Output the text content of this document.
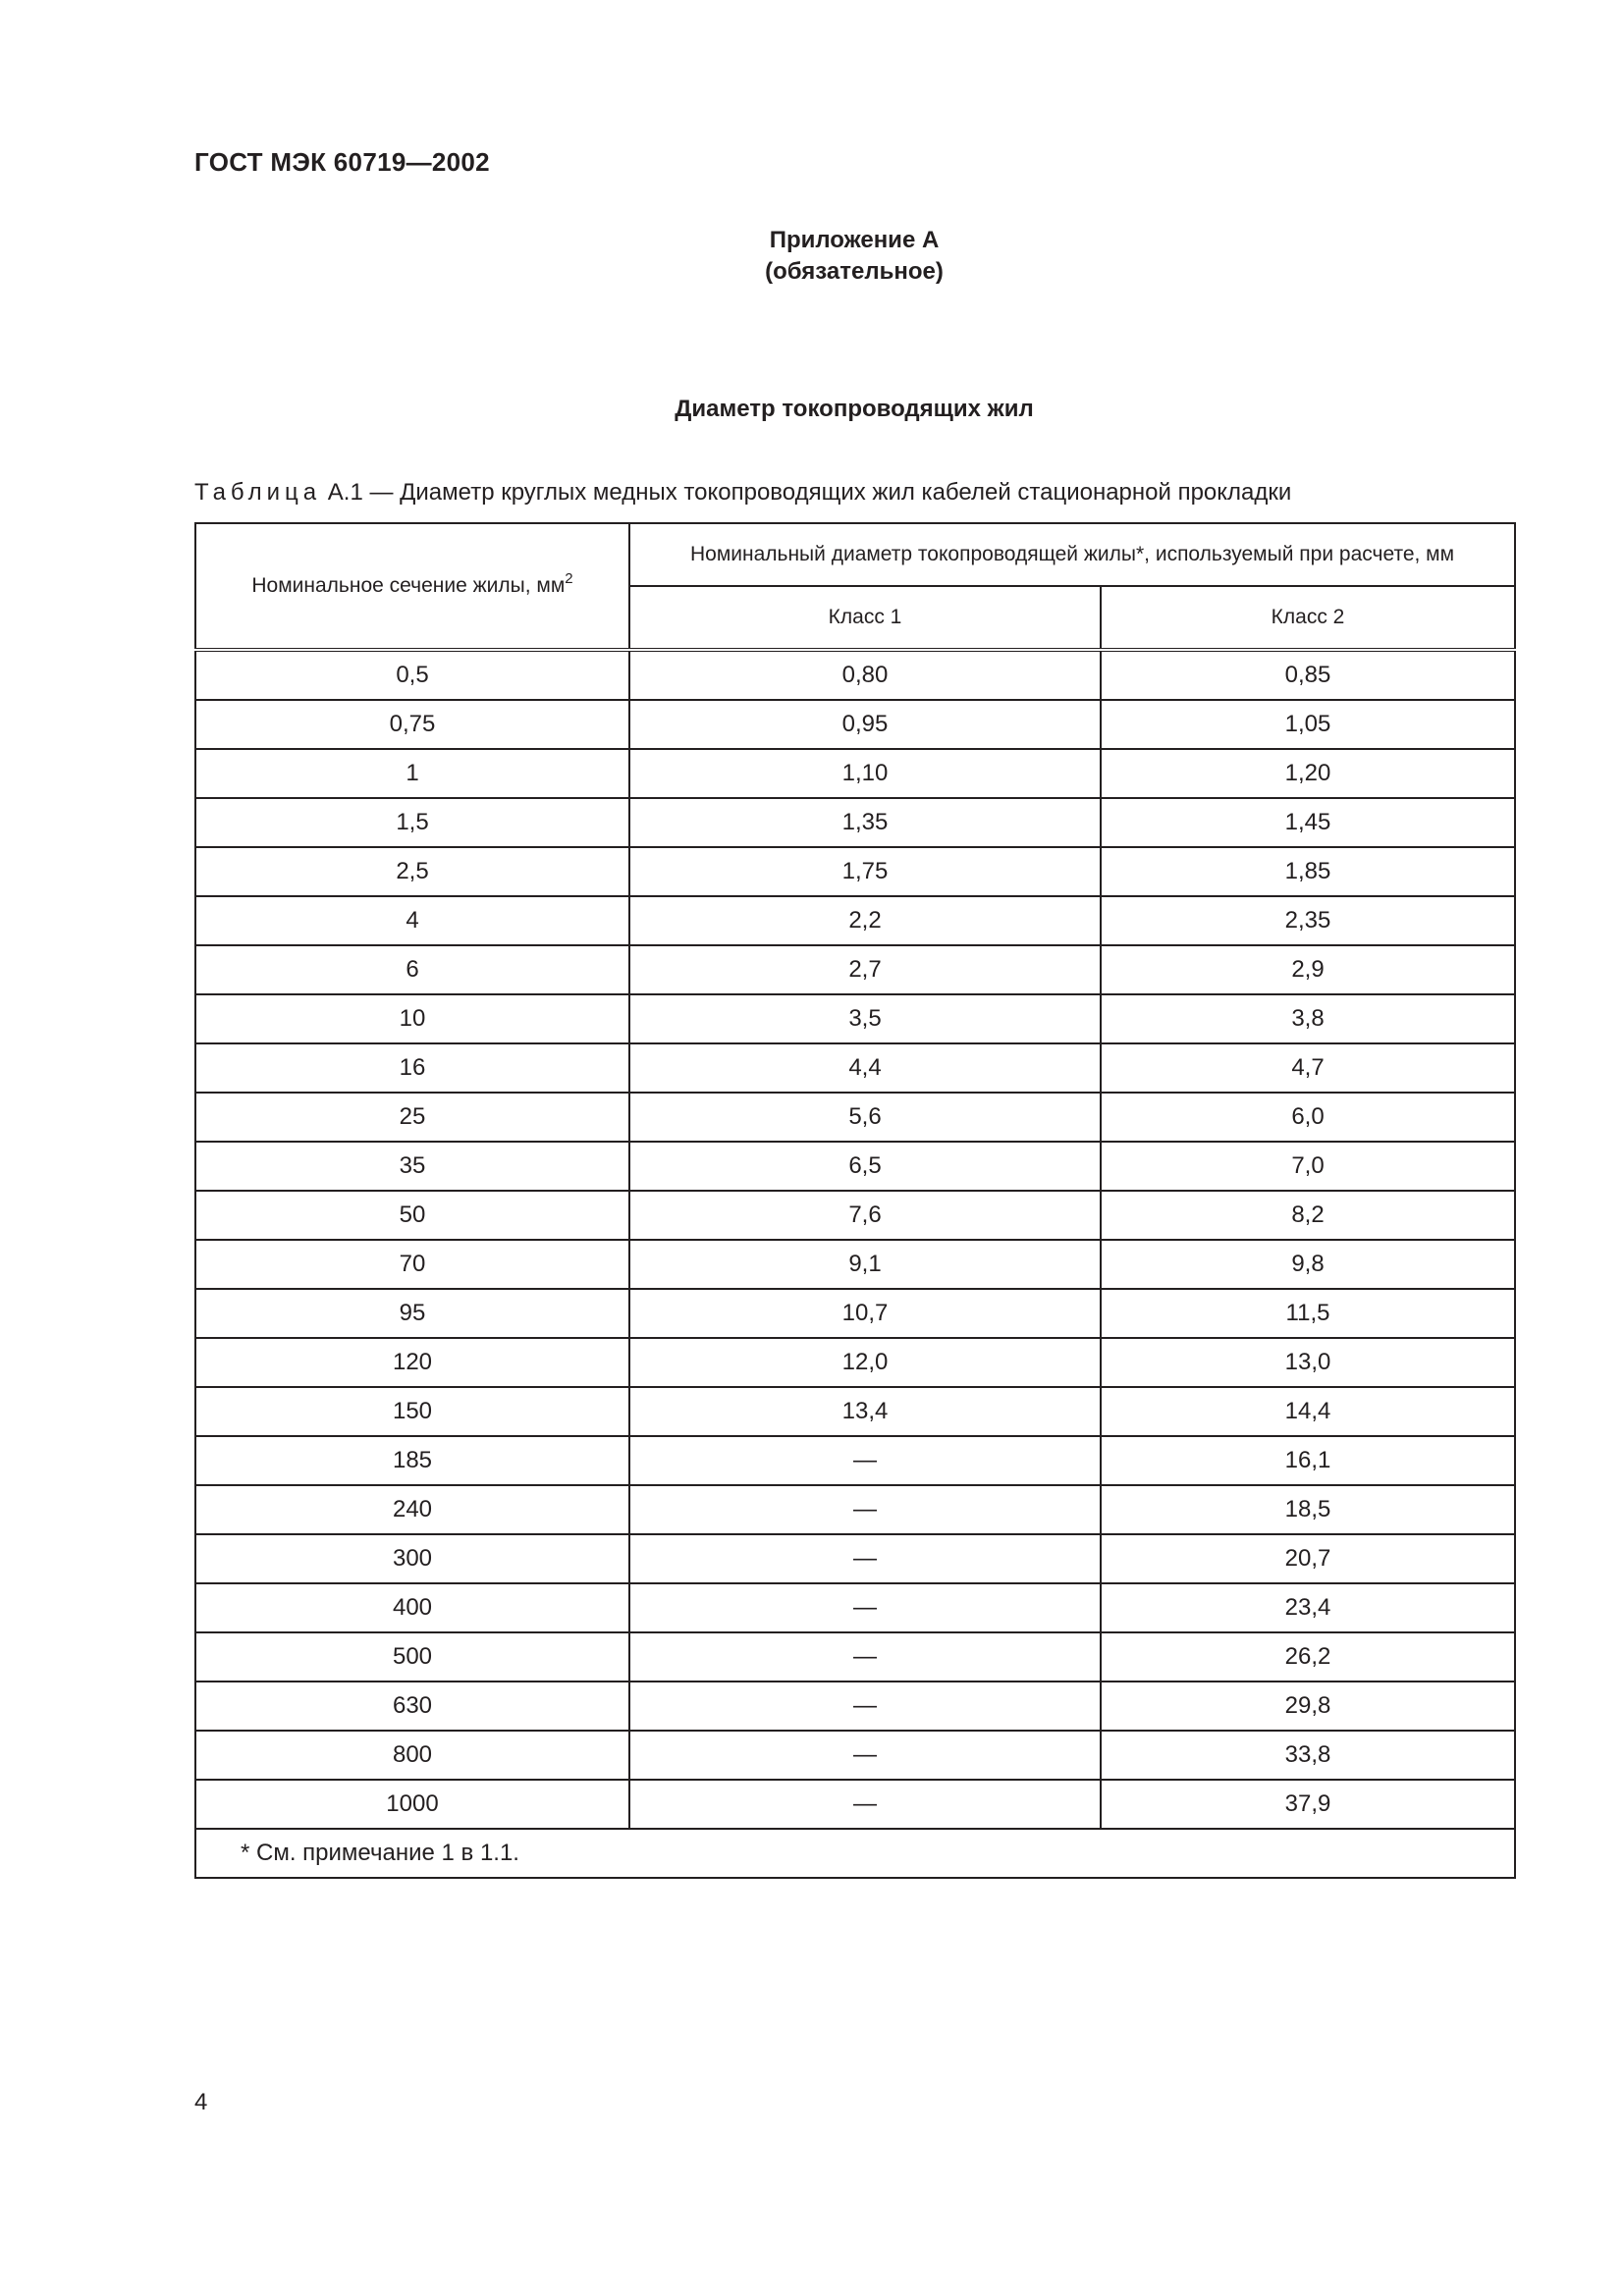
ГОСТ МЭК 60719—2002
Приложение А
(обязательное)
Диаметр токопроводящих жил
Таблица А.1 — Диаметр круглых медных токопроводящих жил кабелей стационарной прокладки
Номинальное сечение жилы, $мм^2$	Номинальный диаметр токопроводящей жилы*, используемый при расчете, мм	
	Класс 1	Класс 2
0,5	0,80	0,85
0,75	0,95	1,05
1	1,10	1,20
1,5	1,35	1,45
2,5	1,75	1,85
4	2,2	2,35
6	2,7	2,9
10	3,5	3,8
16	4,4	4,7
25	5,6	6,0
35	6,5	7,0
50	7,6	8,2
70	9,1	9,8
95	10,7	11,5
120	12,0	13,0
150	13,4	14,4
185	—	16,1
240	—	18,5
300	—	20,7
400	—	23,4
500	—	26,2
630	—	29,8
800	—	33,8
1000	—	37,9
* См. примечание 1 в 1.1.		
4
